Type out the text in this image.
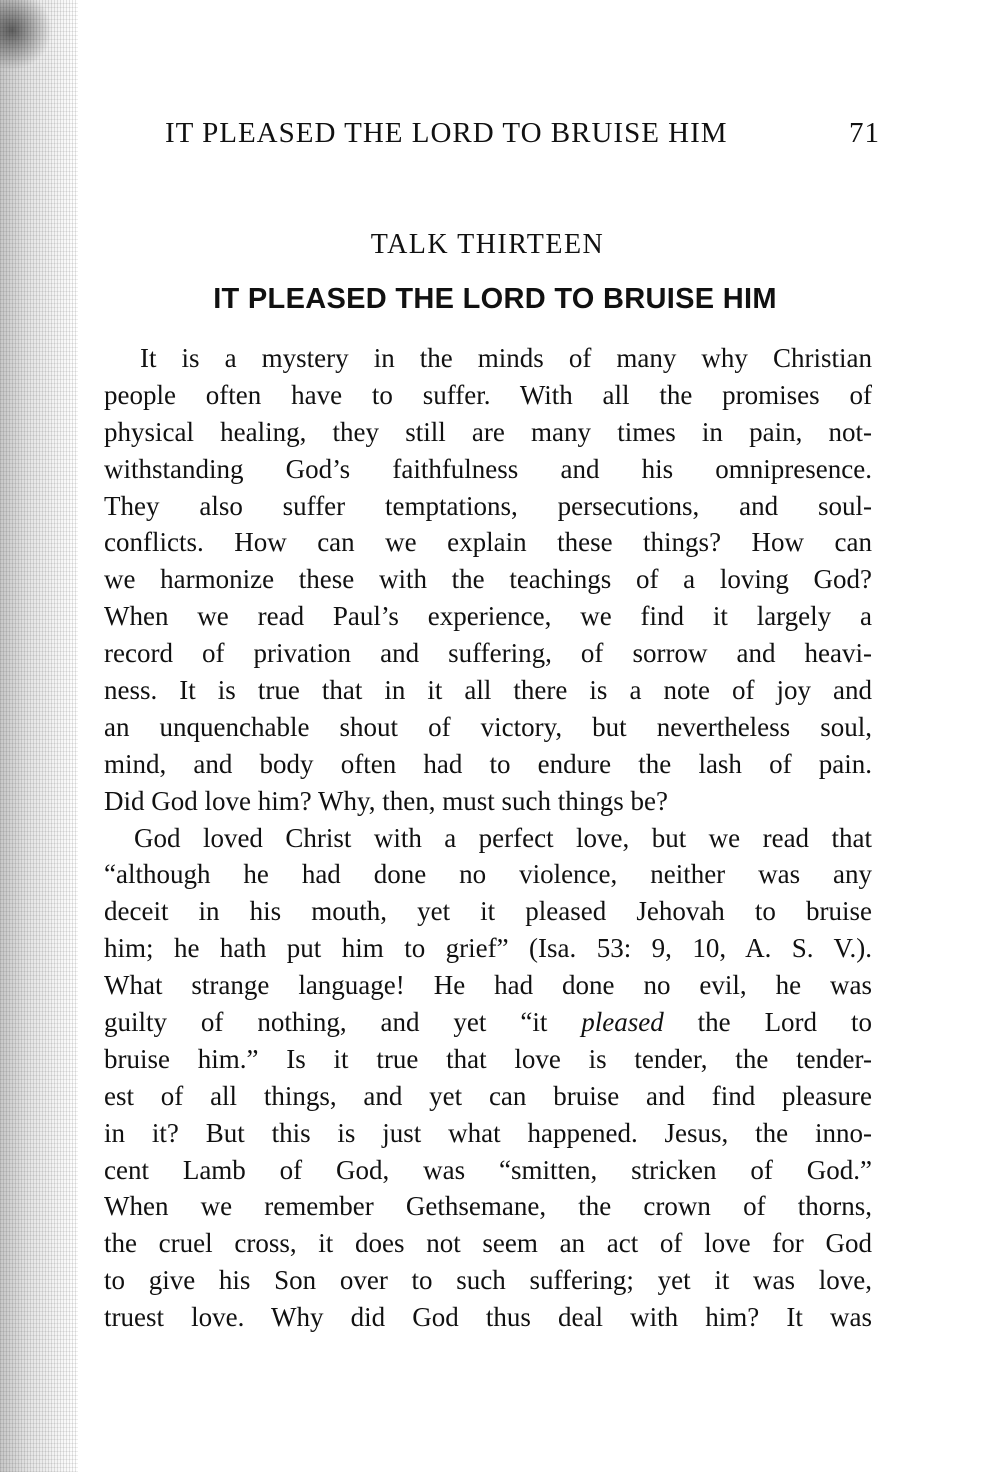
IT PLEASED THE LORD TO BRUISE HIM	71
TALK THIRTEEN
IT PLEASED THE LORD TO BRUISE HIM
It is a mystery in the minds of many why Christian
people often have to suffer. With all the promises of
physical healing, they still are many times in pain, not-
withstanding God’s faithfulness and his omnipresence.
They also suffer temptations, persecutions, and soul-
conflicts. How can we explain these things? How can
we harmonize these with the teachings of a loving God?
When we read Paul’s experience, we find it largely a
record of privation and suffering, of sorrow and heavi-
ness. It is true that in it all there is a note of joy and
an unquenchable shout of victory, but nevertheless soul,
mind, and body often had to endure the lash of pain.
Did God love him? Why, then, must such things be?
God loved Christ with a perfect love, but we read that
“although he had done no violence, neither was any
deceit in his mouth, yet it pleased Jehovah to bruise
him; he hath put him to grief” (Isa. 53: 9, 10, A. S. V.).
What strange language! He had done no evil, he was
guilty of nothing, and yet “it pleased the Lord to
bruise him.” Is it true that love is tender, the tender-
est of all things, and yet can bruise and find pleasure
in it? But this is just what happened. Jesus, the inno-
cent Lamb of God, was “smitten, stricken of God.”
When we remember Gethsemane, the crown of thorns,
the cruel cross, it does not seem an act of love for God
to give his Son over to such suffering; yet it was love,
truest love. Why did God thus deal with him? It was
